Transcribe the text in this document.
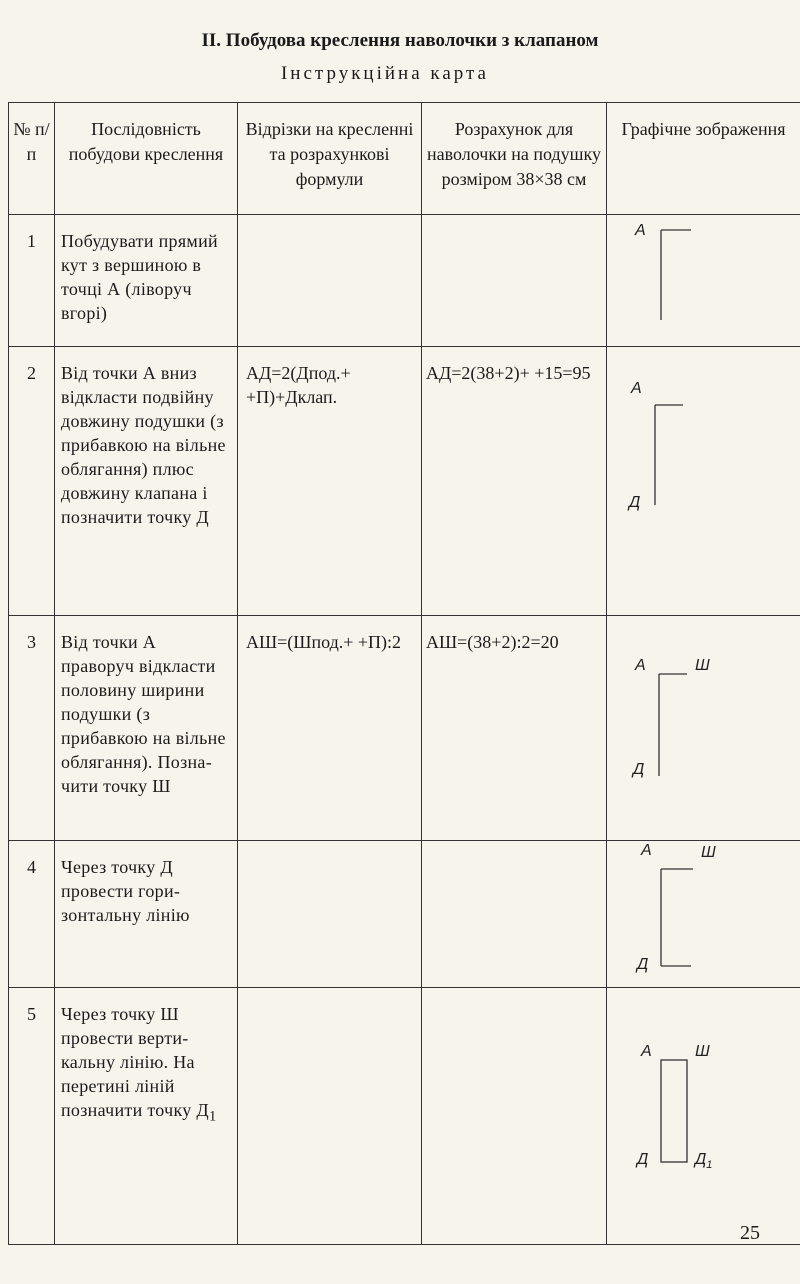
ІІ. Побудова креслення наволочки з клапаном
Інструкційна карта
№ п/п	Послідовність побудови креслення	Відрізки на кресленні та розрахункові формули	Розрахунок для наволочки на подушку розміром 38×38 см	Графічне зображення
1	Побудувати прямий кут з вершиною в точці А (ліворуч вгорі)			А

2	Від точки А вниз відкласти подвійну довжину подушки (з прибавкою на вільне облягання) плюс довжину клапана і позначити точку Д	АД=2(Дпод.+ +П)+Дклап.	АД=2(38+2)+ +15=95	А
Д

3	Від точки А праворуч відкласти половину ширини подушки (з прибавкою на вільне облягання). Позначити точку Ш	АШ=(Шпод.+ +П):2	АШ=(38+2):2=20	А Ш
Д

4	Через точку Д провести горизонтальну лінію			А Ш
Д

5	Через точку Ш провести вертикальну лінію. На перетині ліній позначити точку $Д_1$			А Ш
Д $Д_1$
25
